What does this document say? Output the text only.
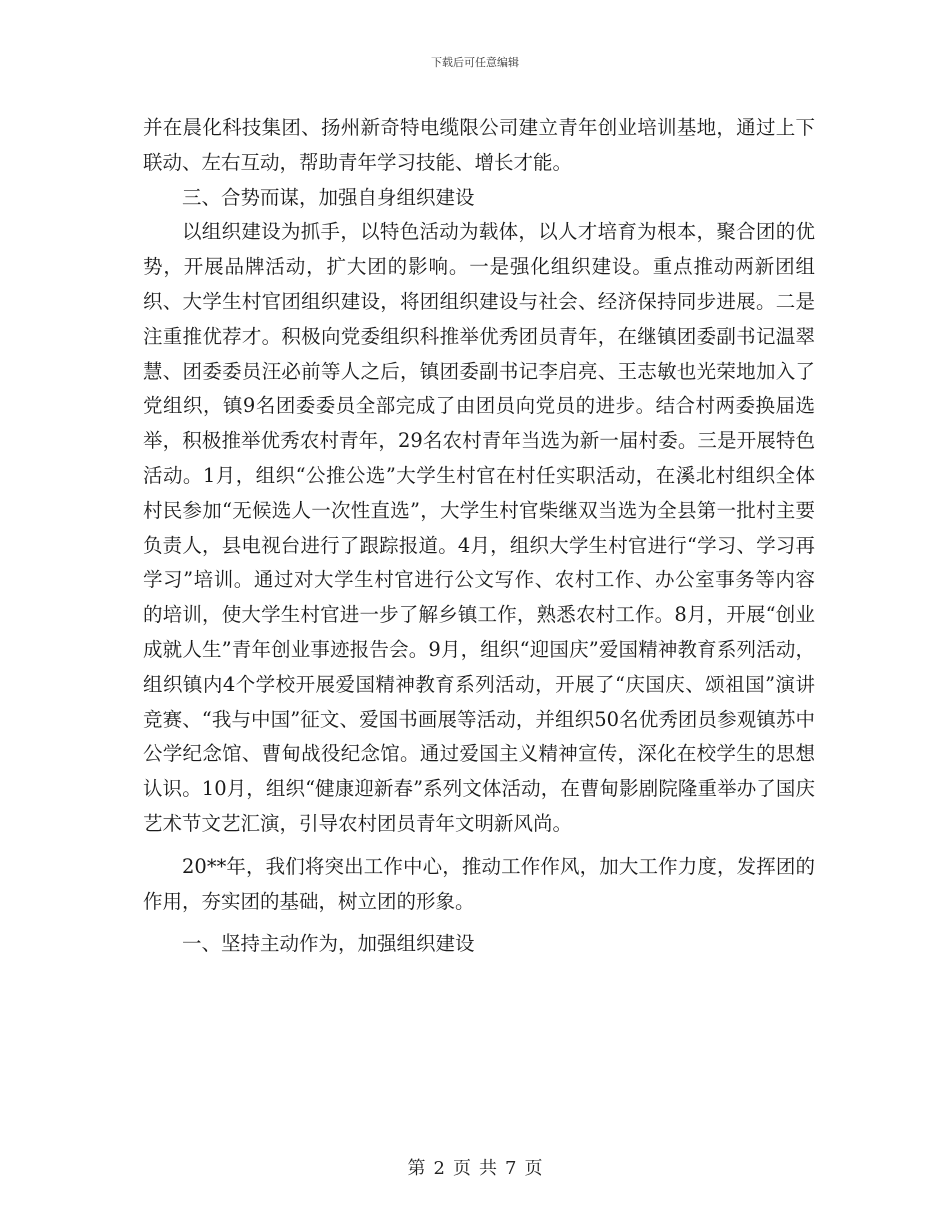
下载后可任意编辑

并在晨化科技集团、扬州新奇特电缆限公司建立青年创业培训基地，通过上下联动、左右互动，帮助青年学习技能、增长才能。

三、合势而谋，加强自身组织建设

以组织建设为抓手，以特色活动为载体，以人才培育为根本，聚合团的优势，开展品牌活动，扩大团的影响。一是强化组织建设。重点推动两新团组织、大学生村官团组织建设，将团组织建设与社会、经济保持同步进展。二是注重推优荐才。积极向党委组织科推举优秀团员青年，在继镇团委副书记温翠慧、团委委员汪必前等人之后，镇团委副书记李启亮、王志敏也光荣地加入了党组织，镇9名团委委员全部完成了由团员向党员的进步。结合村两委换届选举，积极推举优秀农村青年，29名农村青年当选为新一届村委。三是开展特色活动。1月，组织“公推公选”大学生村官在村任实职活动，在溪北村组织全体村民参加“无候选人一次性直选”，大学生村官柴继双当选为全县第一批村主要负责人，县电视台进行了跟踪报道。4月，组织大学生村官进行“学习、学习再学习”培训。通过对大学生村官进行公文写作、农村工作、办公室事务等内容的培训，使大学生村官进一步了解乡镇工作，熟悉农村工作。8月，开展“创业成就人生”青年创业事迹报告会。9月，组织“迎国庆”爱国精神教育系列活动，组织镇内4个学校开展爱国精神教育系列活动，开展了“庆国庆、颂祖国”演讲竞赛、“我与中国”征文、爱国书画展等活动，并组织50名优秀团员参观镇苏中公学纪念馆、曹甸战役纪念馆。通过爱国主义精神宣传，深化在校学生的思想认识。10月，组织“健康迎新春”系列文体活动，在曹甸影剧院隆重举办了国庆艺术节文艺汇演，引导农村团员青年文明新风尚。

20**年，我们将突出工作中心，推动工作作风，加大工作力度，发挥团的作用，夯实团的基础，树立团的形象。

一、坚持主动作为，加强组织建设

第 2 页 共 7 页
